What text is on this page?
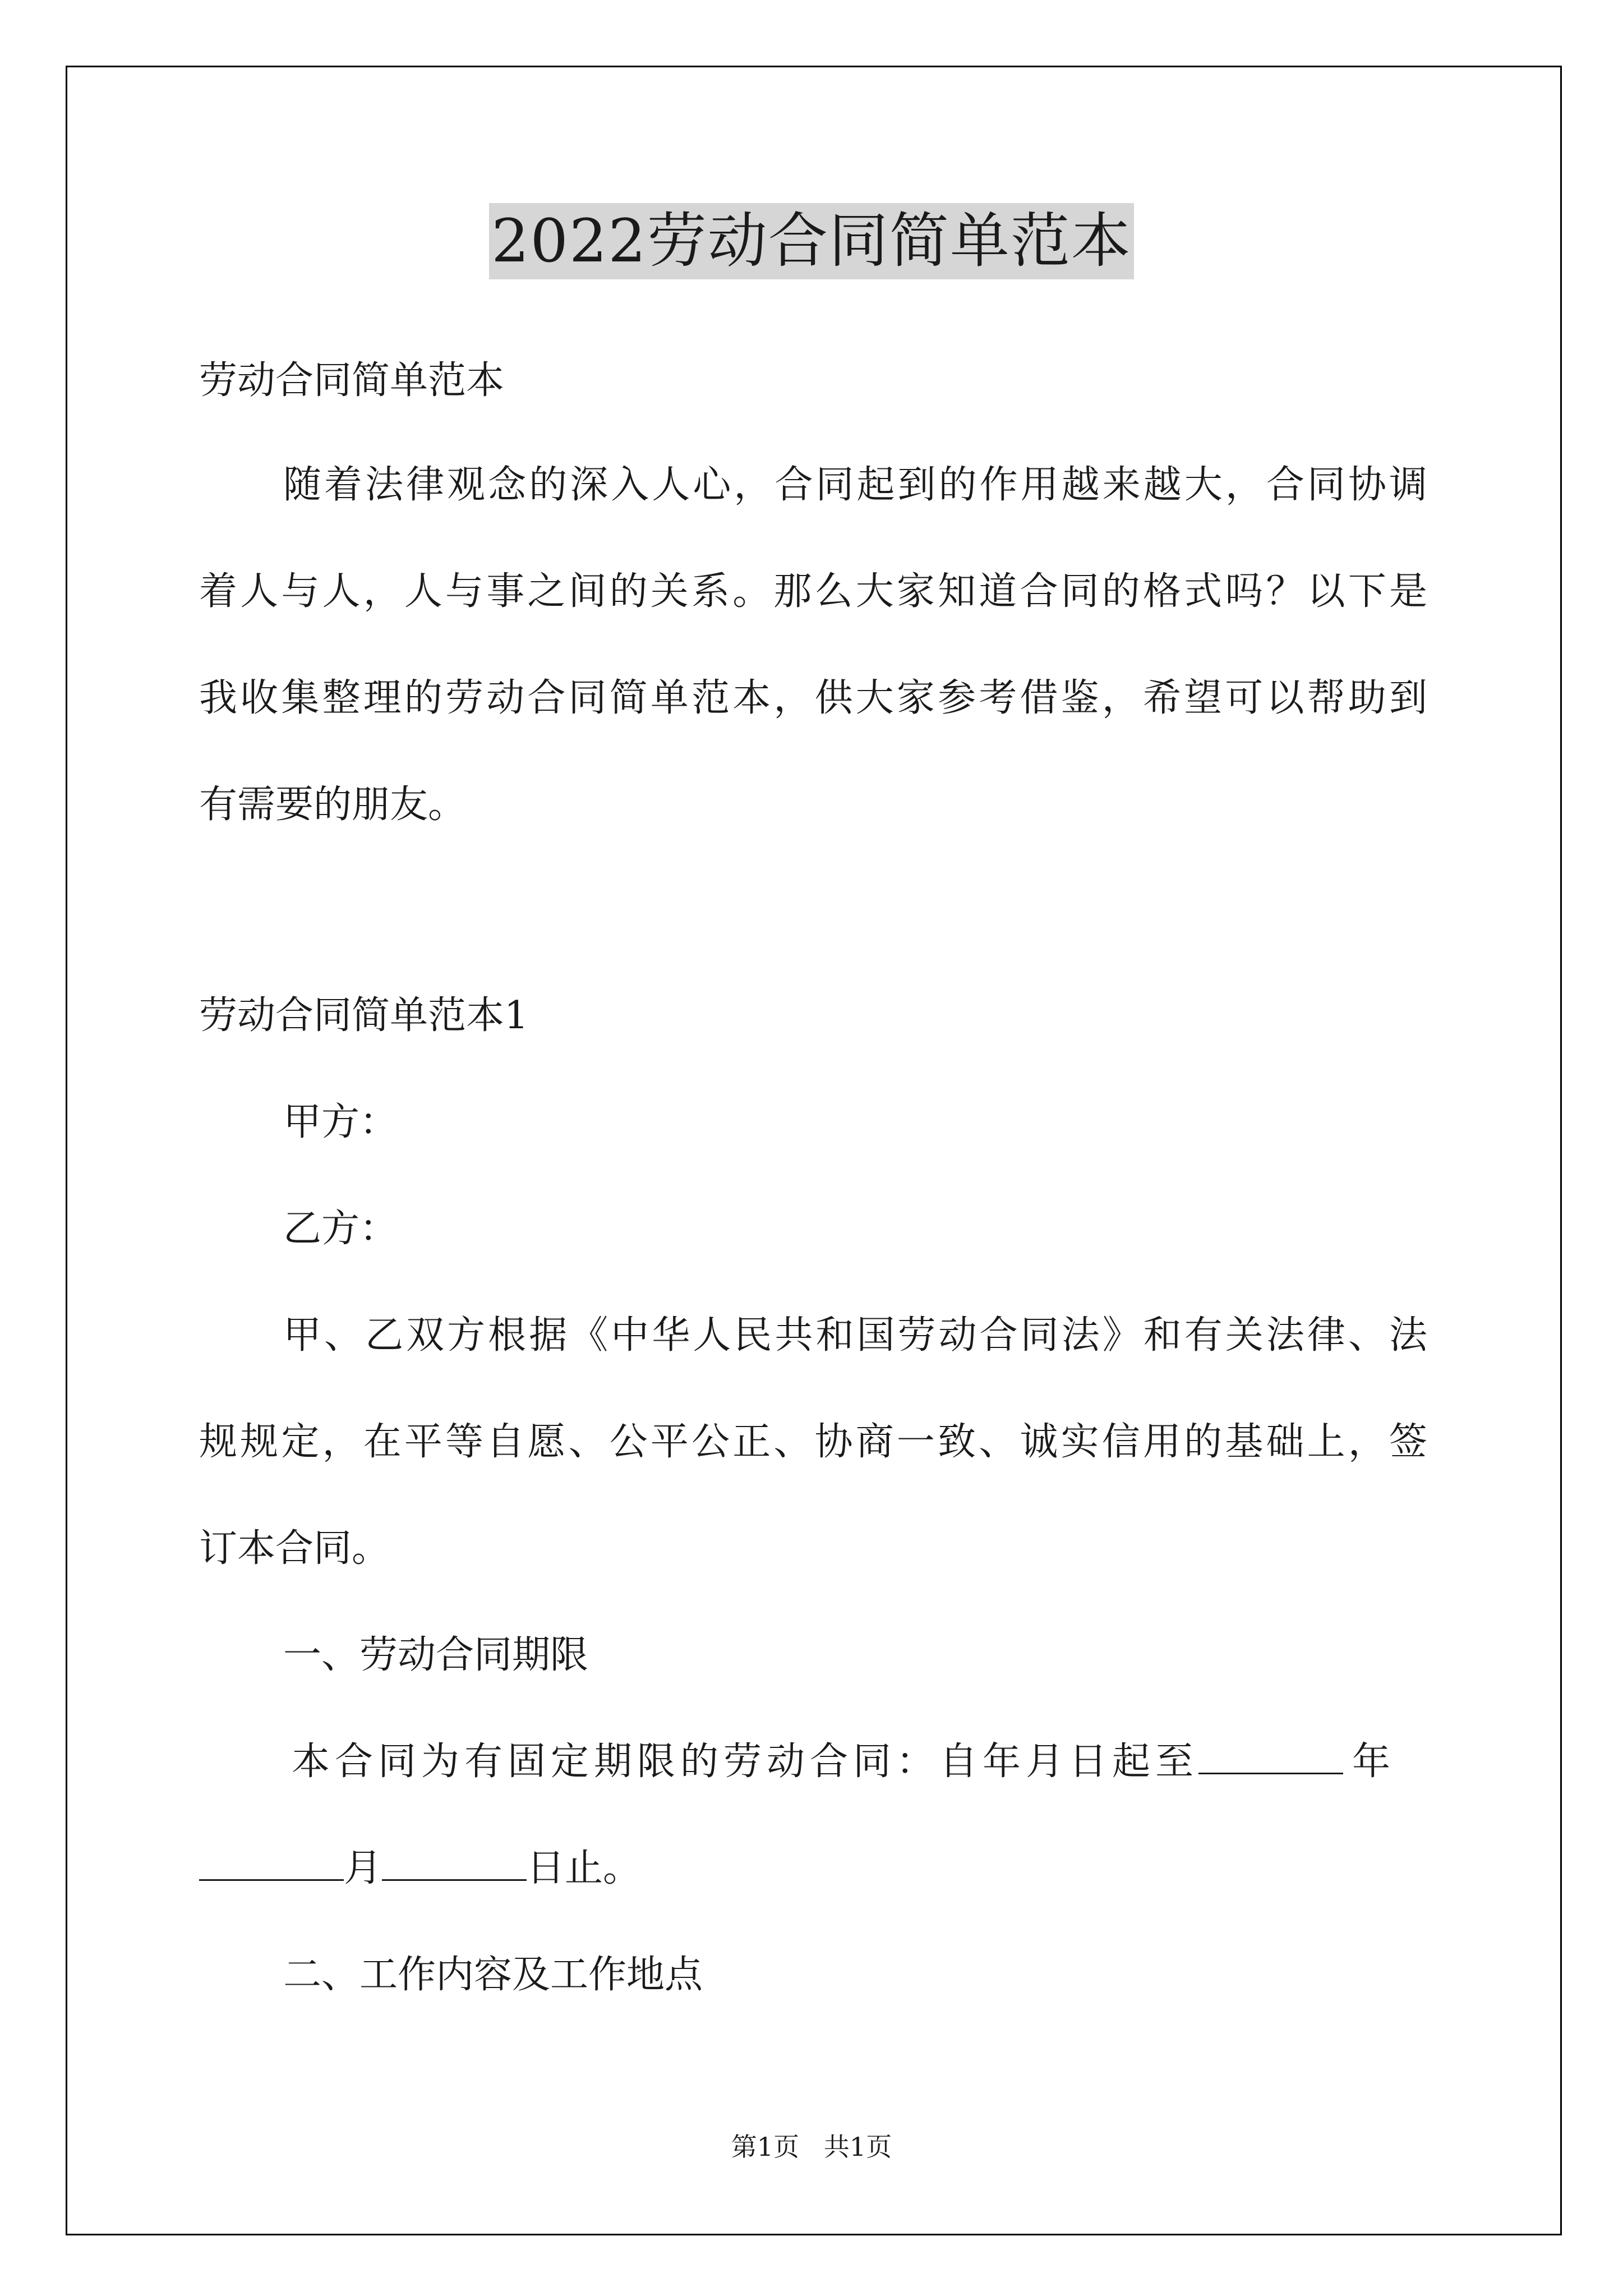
2022劳动合同简单范本

劳动合同简单范本

随着法律观念的深入人心，合同起到的作用越来越大，合同协调

着人与人，人与事之间的关系。那么大家知道合同的格式吗？以下是

我收集整理的劳动合同简单范本，供大家参考借鉴，希望可以帮助到

有需要的朋友。

劳动合同简单范本1

甲方：

乙方：

甲、乙双方根据《中华人民共和国劳动合同法》和有关法律、法

规规定，在平等自愿、公平公正、协商一致、诚实信用的基础上，签

订本合同。

一、劳动合同期限

本合同为有固定期限的劳动合同：自年月日起至	年
月	日止。

二、工作内容及工作地点

第1页   共1页
